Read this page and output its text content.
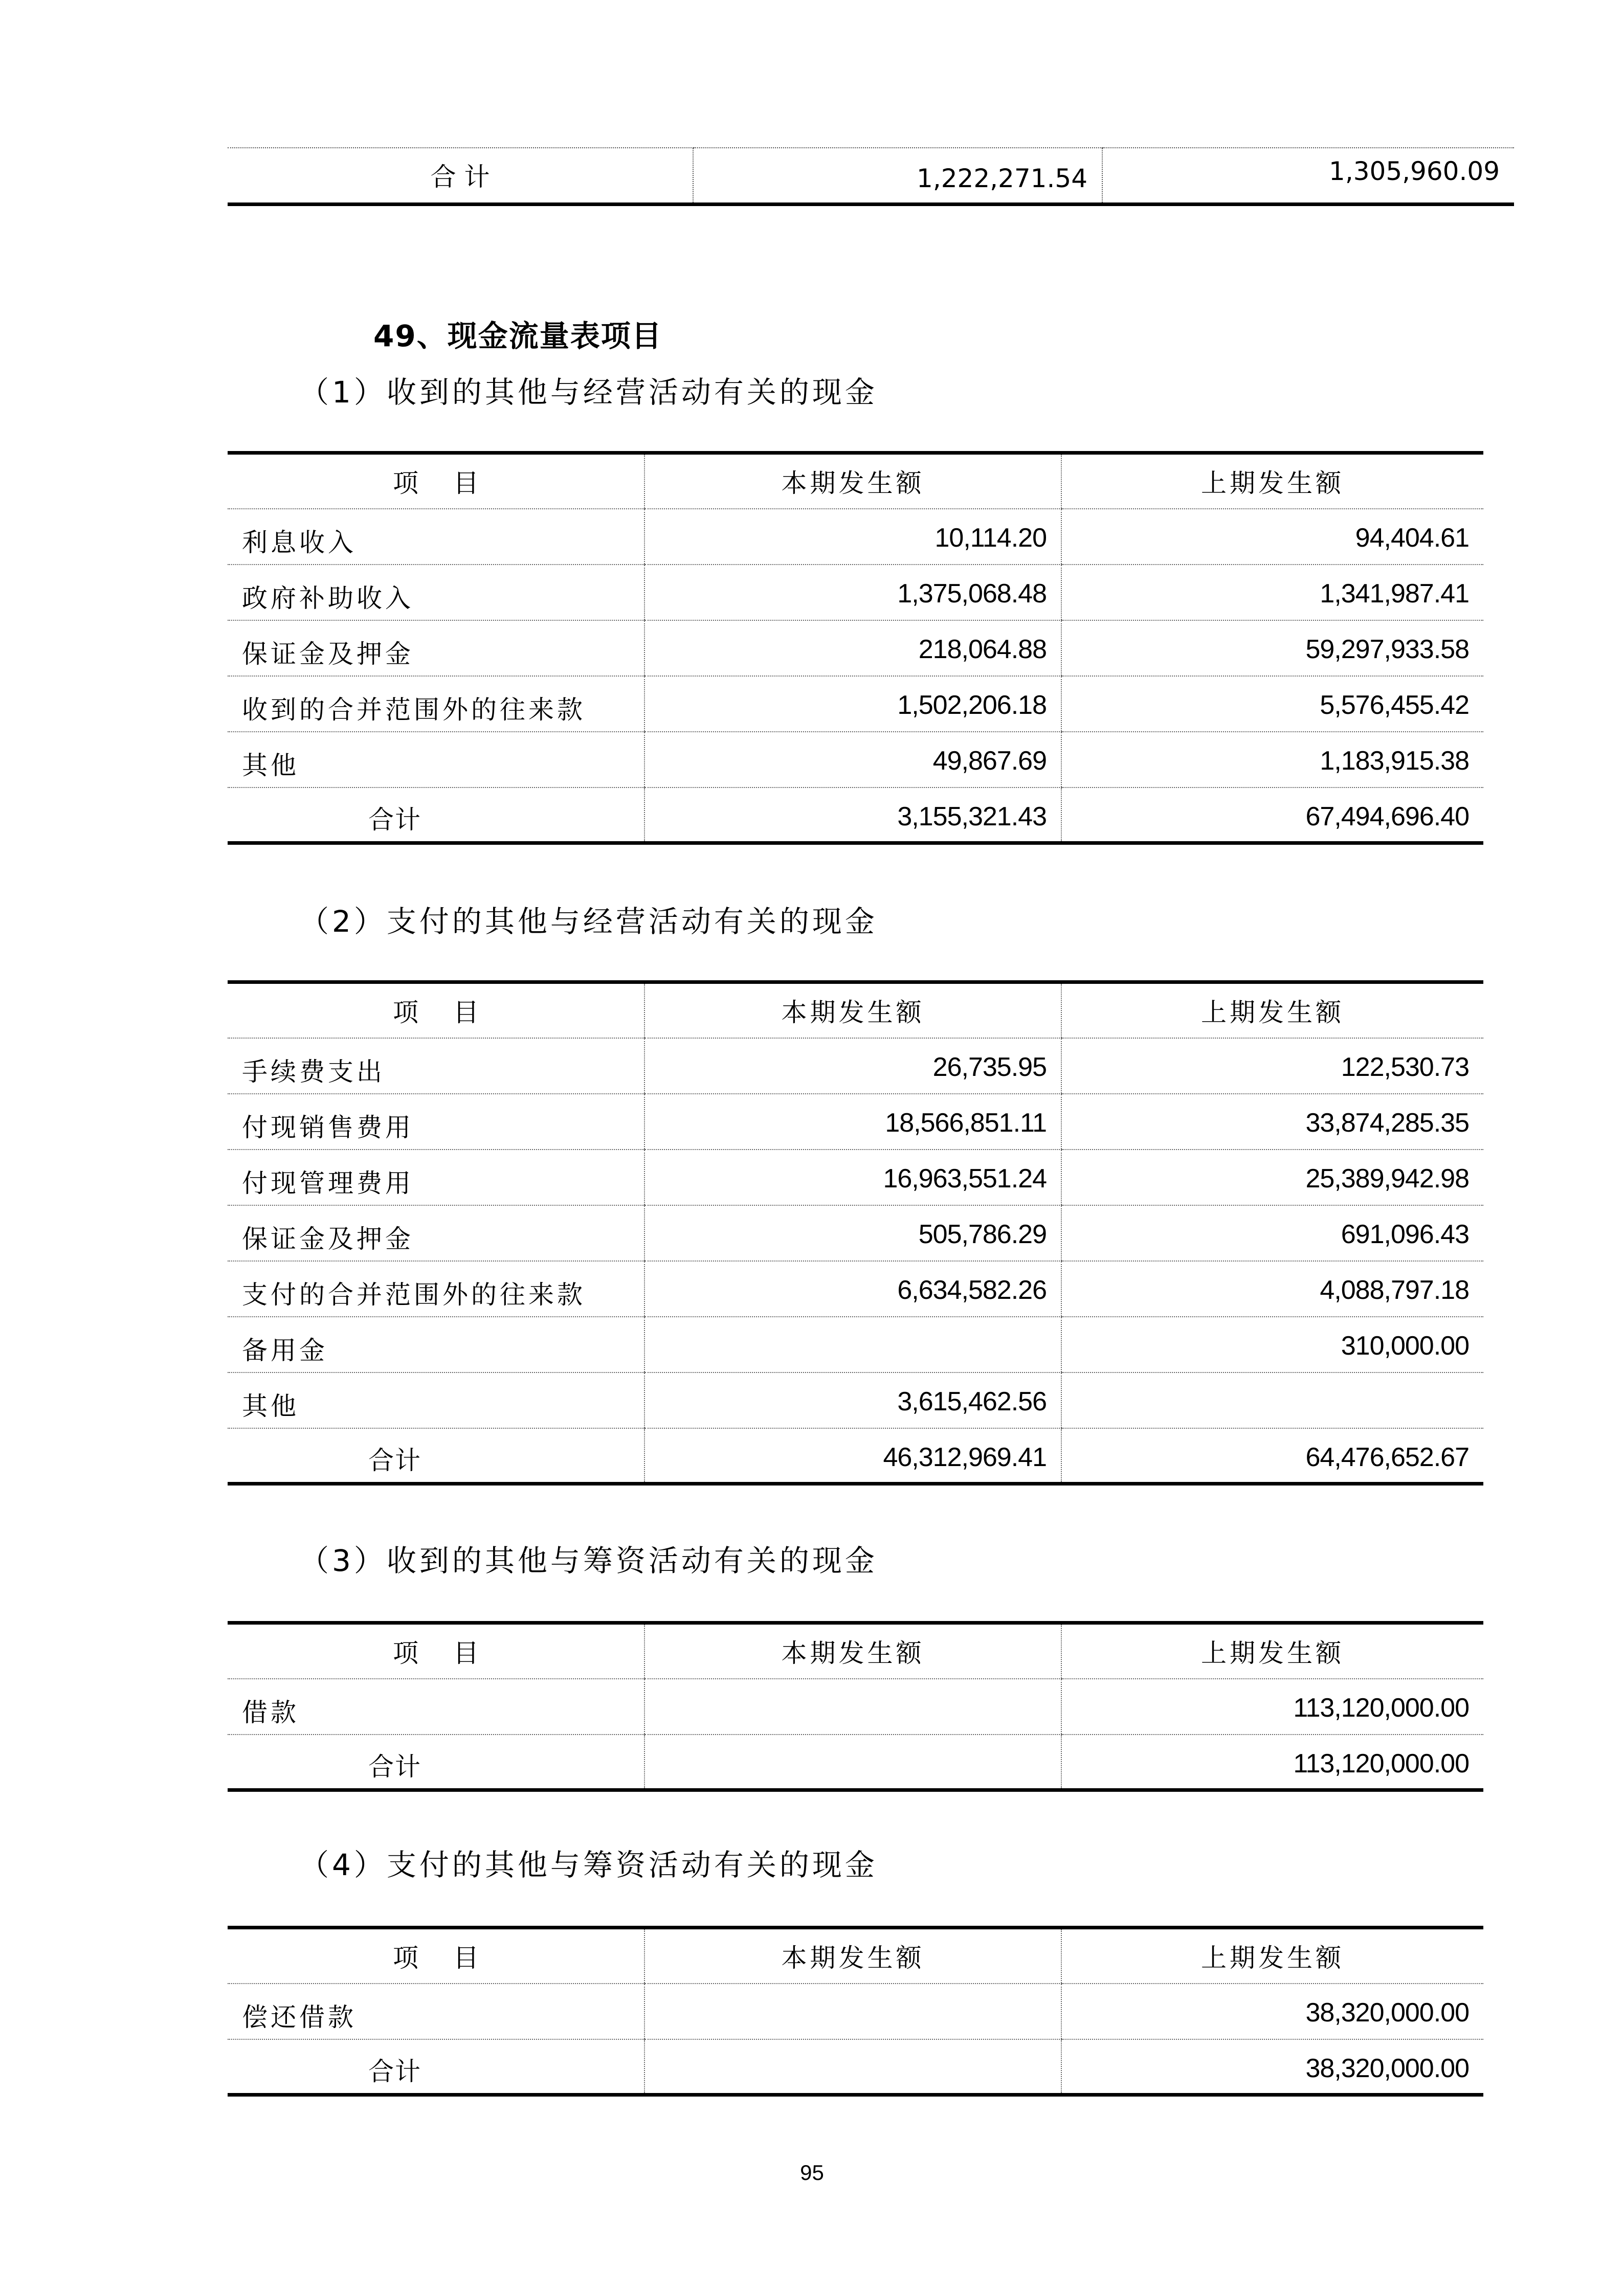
合 计	1,222,271.54	1,305,960.09
49、现金流量表项目
（1）收到的其他与经营活动有关的现金
项 目	本期发生额	上期发生额
利息收入	10,114.20	94,404.61
政府补助收入	1,375,068.48	1,341,987.41
保证金及押金	218,064.88	59,297,933.58
收到的合并范围外的往来款	1,502,206.18	5,576,455.42
其他	49,867.69	1,183,915.38
合计	3,155,321.43	67,494,696.40
（2）支付的其他与经营活动有关的现金
项 目	本期发生额	上期发生额
手续费支出	26,735.95	122,530.73
付现销售费用	18,566,851.11	33,874,285.35
付现管理费用	16,963,551.24	25,389,942.98
保证金及押金	505,786.29	691,096.43
支付的合并范围外的往来款	6,634,582.26	4,088,797.18
备用金		310,000.00
其他	3,615,462.56	
合计	46,312,969.41	64,476,652.67
（3）收到的其他与筹资活动有关的现金
项 目	本期发生额	上期发生额
借款		113,120,000.00
合计		113,120,000.00
（4）支付的其他与筹资活动有关的现金
项 目	本期发生额	上期发生额
偿还借款		38,320,000.00
合计		38,320,000.00
95
